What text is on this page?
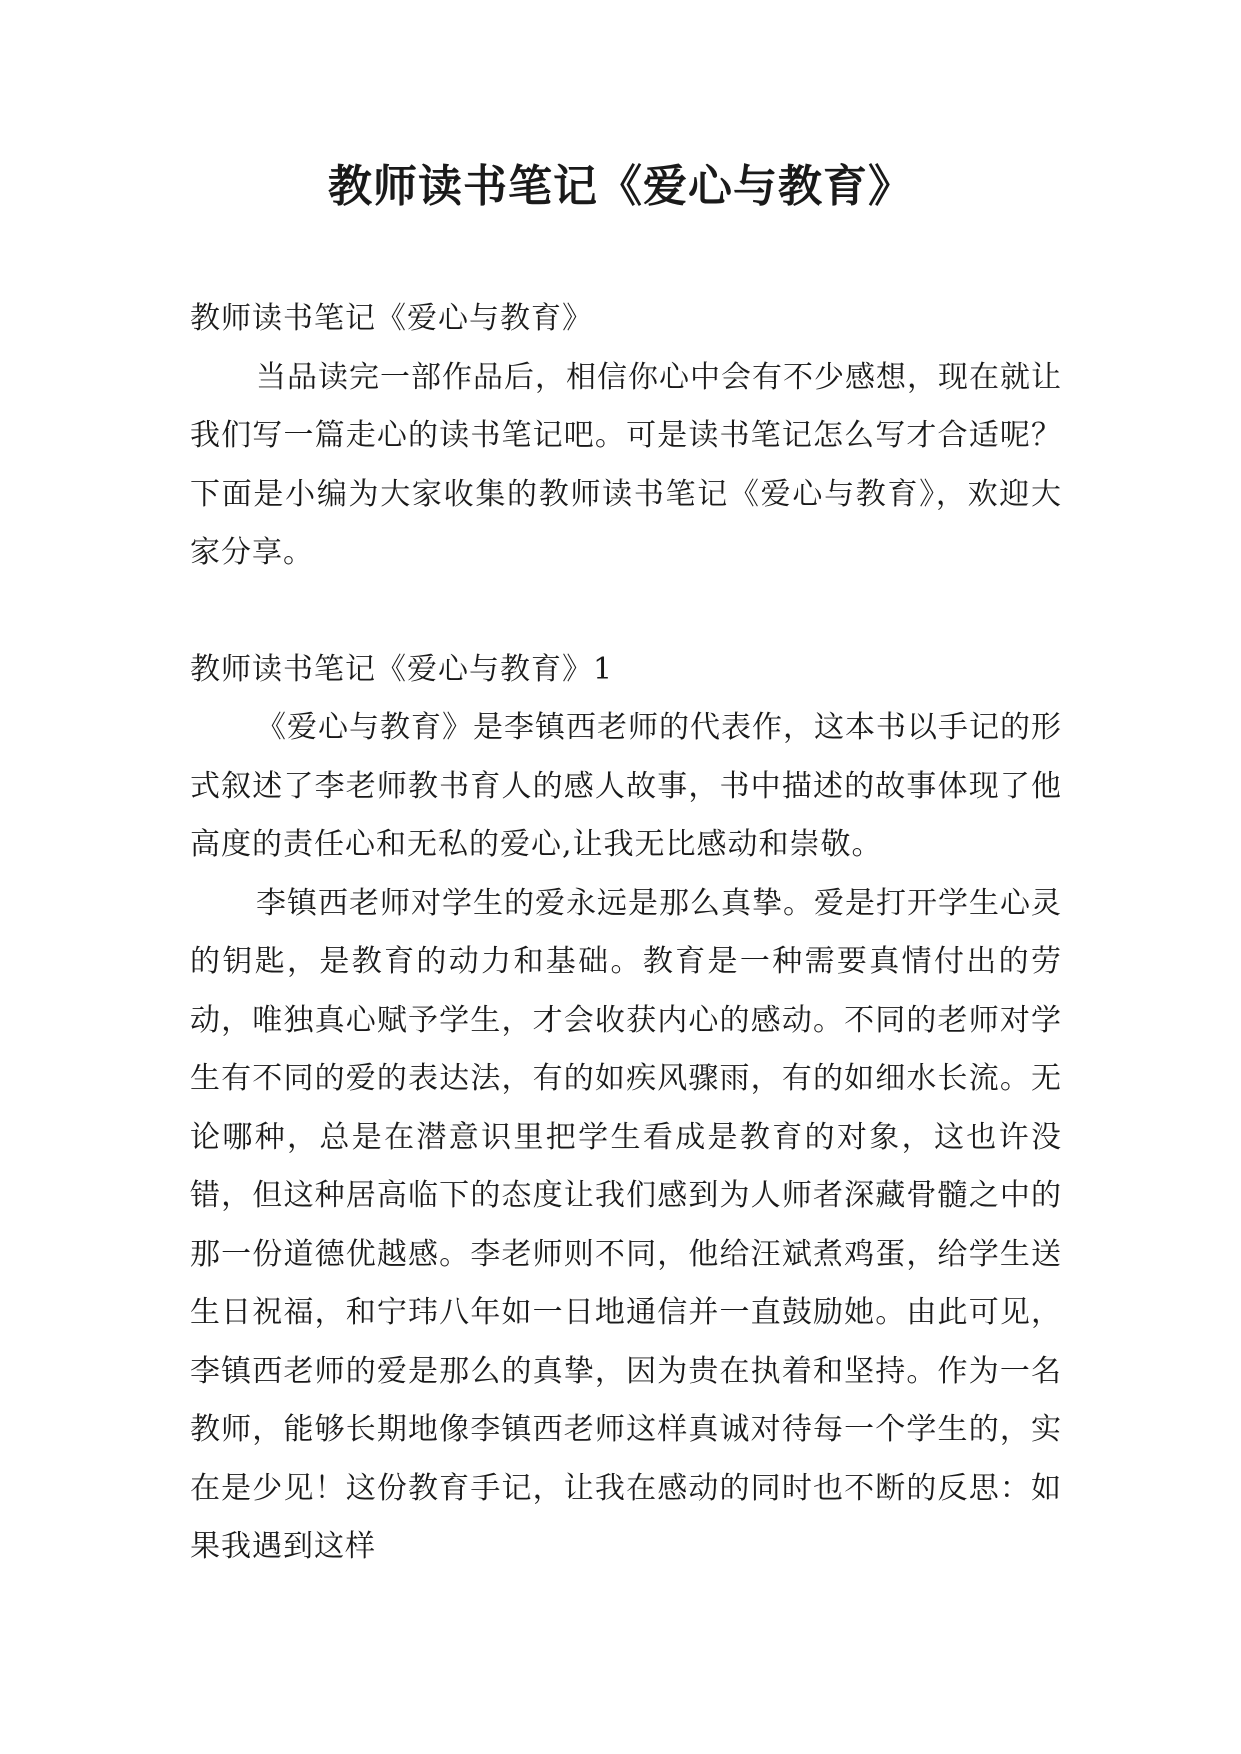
教师读书笔记《爱心与教育》
教师读书笔记《爱心与教育》

当品读完一部作品后，相信你心中会有不少感想，现在就让我们写一篇走心的读书笔记吧。可是读书笔记怎么写才合适呢？下面是小编为大家收集的教师读书笔记《爱心与教育》，欢迎大家分享。

教师读书笔记《爱心与教育》1

《爱心与教育》是李镇西老师的代表作，这本书以手记的形式叙述了李老师教书育人的感人故事，书中描述的故事体现了他高度的责任心和无私的爱心,让我无比感动和崇敬。

李镇西老师对学生的爱永远是那么真挚。爱是打开学生心灵的钥匙，是教育的动力和基础。教育是一种需要真情付出的劳动，唯独真心赋予学生，才会收获内心的感动。不同的老师对学生有不同的爱的表达法，有的如疾风骤雨，有的如细水长流。无论哪种，总是在潜意识里把学生看成是教育的对象，这也许没错，但这种居高临下的态度让我们感到为人师者深藏骨髓之中的那一份道德优越感。李老师则不同，他给汪斌煮鸡蛋，给学生送生日祝福，和宁玮八年如一日地通信并一直鼓励她。由此可见，李镇西老师的爱是那么的真挚，因为贵在执着和坚持。作为一名教师，能够长期地像李镇西老师这样真诚对待每一个学生的，实在是少见！这份教育手记，让我在感动的同时也不断的反思：如果我遇到这样
